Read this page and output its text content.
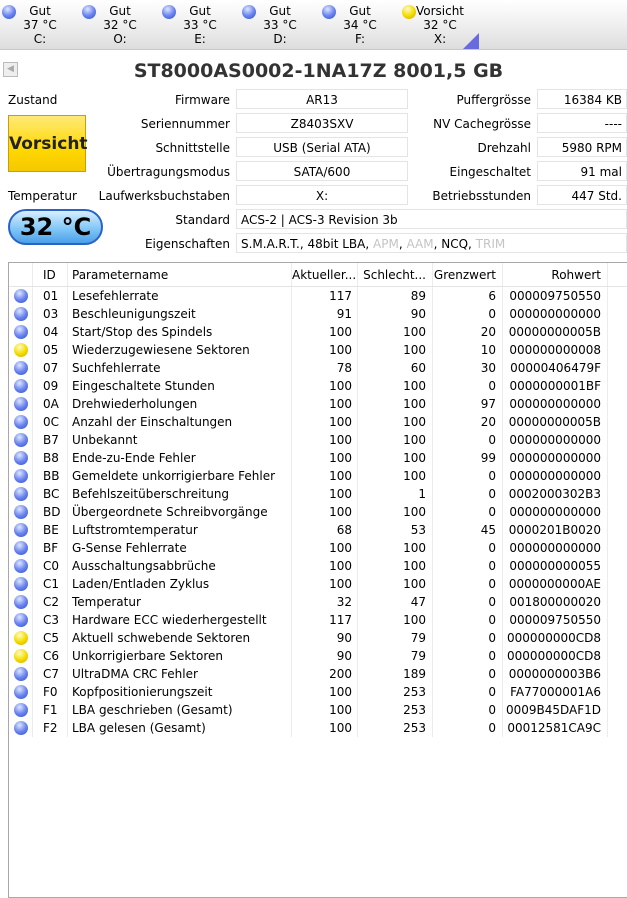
Gut
37 °C
C:
Gut
32 °C
O:
Gut
33 °C
E:
Gut
33 °C
D:
Gut
34 °C
F:
Vorsicht
32 °C
X:
◀	ST8000AS0002-1NA17Z 8001,5 GB
Zustand
Vorsicht
Temperatur
32 °C
Firmware	AR13
Seriennummer	Z8403SXV
Schnittstelle	USB (Serial ATA)
Übertragungsmodus	SATA/600
Laufwerksbuchstaben	X:
Puffergrösse	16384 KB
NV Cachegrösse	----
Drehzahl	5980 RPM
Eingeschaltet	91 mal
Betriebsstunden	447 Std.
Standard ACS-2 | ACS-3 Revision 3b
Eigenschaften S.M.A.R.T., 48bit LBA, APM, AAM, NCQ, TRIM
ID	Parametername	Aktueller... Schlecht... Grenzwert	Rohwert
01	Lesefehlerrate	117	89	6	000009750550
03	Beschleunigungszeit	91	90	0	000000000000
04	Start/Stop des Spindels	100	100	20	00000000005B
05	Wiederzugewiesene Sektoren	100	100	10	000000000008
07	Suchfehlerrate	78	60	30	00000406479F
09	Eingeschaltete Stunden	100	100	0	0000000001BF
0A	Drehwiederholungen	100	100	97	000000000000
0C	Anzahl der Einschaltungen	100	100	20	00000000005B
B7	Unbekannt	100	100	0	000000000000
B8	Ende-zu-Ende Fehler	100	100	99	000000000000
BB	Gemeldete unkorrigierbare Fehler	100	100	0	000000000000
BC	Befehlszeitüberschreitung	100	1	0	0002000302B3
BD Übergeordnete Schreibvorgänge	100	100	0	000000000000
BE	Luftstromtemperatur	68	53	45	0000201B0020
BF	G-Sense Fehlerrate	100	100	0	000000000000
C0	Ausschaltungsabbrüche	100	100	0	000000000055
C1	Laden/Entladen Zyklus	100	100	0	0000000000AE
C2	Temperatur	32	47	0	001800000020
C3	Hardware ECC wiederhergestellt	117	100	0	000009750550
C5	Aktuell schwebende Sektoren	90	79	0 000000000CD8
C6	Unkorrigierbare Sektoren	90	79	0 000000000CD8
C7	UltraDMA CRC Fehler	200	189	0	0000000003B6
F0	Kopfpositionierungszeit	100	253	0	FA77000001A6
F1	LBA geschrieben (Gesamt)	100	253	0 0009B45DAF1D
F2	LBA gelesen (Gesamt)	100	253	0 00012581CA9C
